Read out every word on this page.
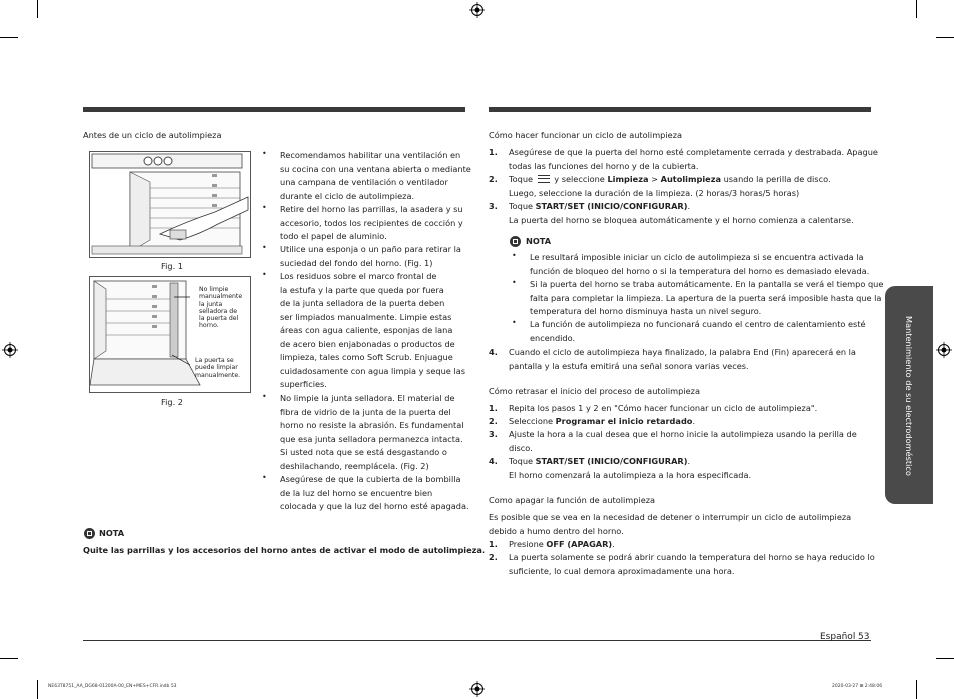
Antes de un ciclo de autolimpieza
Fig. 1
No limpie
manualmente
la junta
selladora de
la puerta del
horno.
La puerta se
puede limpiar
manualmente.
Fig. 2
• Recomendamos habilitar una ventilación en
su cocina con una ventana abierta o mediante
una campana de ventilación o ventilador
durante el ciclo de autolimpieza.
• Retire del horno las parrillas, la asadera y su
accesorio, todos los recipientes de cocción y
todo el papel de aluminio.
• Utilice una esponja o un paño para retirar la
suciedad del fondo del horno. (Fig. 1)
• Los residuos sobre el marco frontal de
la estufa y la parte que queda por fuera
de la junta selladora de la puerta deben
ser limpiados manualmente. Limpie estas
áreas con agua caliente, esponjas de lana
de acero bien enjabonadas o productos de
limpieza, tales como Soft Scrub. Enjuague
cuidadosamente con agua limpia y seque las
superficies.
• No limpie la junta selladora. El material de
fibra de vidrio de la junta de la puerta del
horno no resiste la abrasión. Es fundamental
que esa junta selladora permanezca intacta.
Si usted nota que se está desgastando o
deshilachando, reemplácela. (Fig. 2)
• Asegúrese de que la cubierta de la bombilla
de la luz del horno se encuentre bien
colocada y que la luz del horno esté apagada.
NOTA
Quite las parrillas y los accesorios del horno antes de activar el modo de autolimpieza.
Cómo hacer funcionar un ciclo de autolimpieza
1. Asegúrese de que la puerta del horno esté completamente cerrada y destrabada. Apague
todas las funciones del horno y de la cubierta.
2. Toque	y seleccione Limpieza > Autolimpieza usando la perilla de disco.
Luego, seleccione la duración de la limpieza. (2 horas/3 horas/5 horas)
3. Toque START/SET (INICIO/CONFIGURAR).
La puerta del horno se bloquea automáticamente y el horno comienza a calentarse.
NOTA
• Le resultará imposible iniciar un ciclo de autolimpieza si se encuentra activada la
función de bloqueo del horno o si la temperatura del horno es demasiado elevada.
• Si la puerta del horno se traba automáticamente. En la pantalla se verá el tiempo que
falta para completar la limpieza. La apertura de la puerta será imposible hasta que la
temperatura del horno disminuya hasta un nivel seguro.
• La función de autolimpieza no funcionará cuando el centro de calentamiento esté
encendido.
4. Cuando el ciclo de autolimpieza haya finalizado, la palabra End (Fin) aparecerá en la
pantalla y la estufa emitirá una señal sonora varias veces.
Cómo retrasar el inicio del proceso de autolimpieza
1. Repita los pasos 1 y 2 en "Cómo hacer funcionar un ciclo de autolimpieza".
2. Seleccione Programar el inicio retardado.
3. Ajuste la hora a la cual desea que el horno inicie la autolimpieza usando la perilla de
disco.
4. Toque START/SET (INICIO/CONFIGURAR).
El horno comenzará la autolimpieza a la hora especificada.
Como apagar la función de autolimpieza
Es posible que se vea en la necesidad de detener o interrumpir un ciclo de autolimpieza
debido a humo dentro del horno.
1. Presione OFF (APAGAR).
2. La puerta solamente se podrá abrir cuando la temperatura del horno se haya reducido lo
suficiente, lo cual demora aproximadamente una hora.
Mantenimiento de su electrodoméstico
Español 53
NE63T8751_AA_DG68-01200A-00_EN+MES+CFR.indb 53	2020-03-27 ⊞ 2:48:06
